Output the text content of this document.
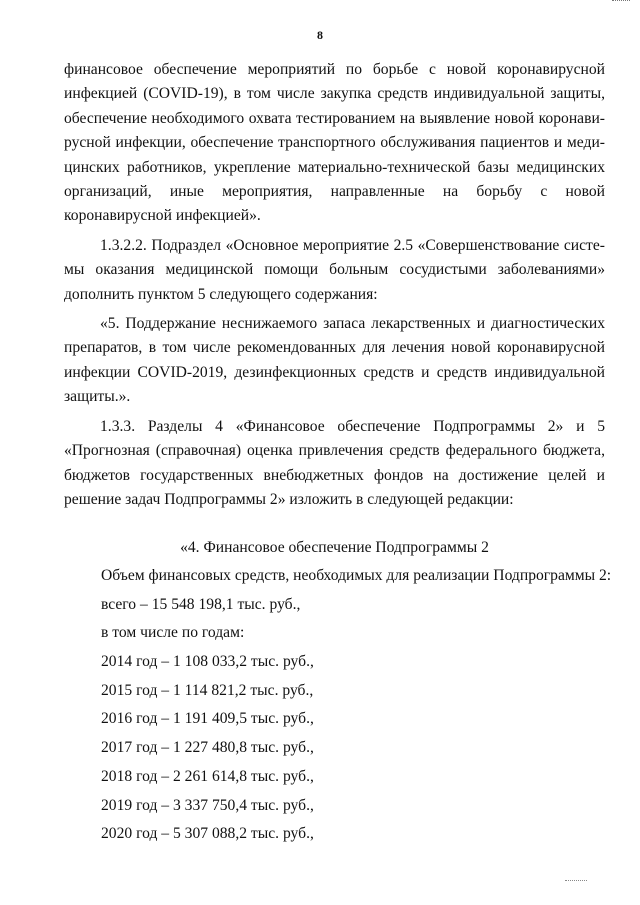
8

финансовое обеспечение мероприятий по борьбе с новой коронавирусной инфекцией (COVID-19), в том числе закупка средств индивидуальной защиты, обеспечение необходимого охвата тестированием на выявление новой коронавирусной инфекции, обеспечение транспортного обслуживания пациентов и медицинских работников, укрепление материально-технической базы медицинских организаций, иные мероприятия, направленные на борьбу с новой коронавирусной инфекцией».

1.3.2.2. Подраздел «Основное мероприятие 2.5 «Совершенствование системы оказания медицинской помощи больным сосудистыми заболеваниями» дополнить пунктом 5 следующего содержания:

«5. Поддержание неснижаемого запаса лекарственных и диагностических препаратов, в том числе рекомендованных для лечения новой коронавирусной инфекции COVID-2019, дезинфекционных средств и средств индивидуальной защиты.».

1.3.3. Разделы 4 «Финансовое обеспечение Подпрограммы 2» и 5 «Прогнозная (справочная) оценка привлечения средств федерального бюджета, бюджетов государственных внебюджетных фондов на достижение целей и решение задач Подпрограммы 2» изложить в следующей редакции:

«4. Финансовое обеспечение Подпрограммы 2

Объем финансовых средств, необходимых для реализации Подпрограммы 2:
всего – 15 548 198,1 тыс. руб.,
в том числе по годам:
2014 год – 1 108 033,2 тыс. руб.,
2015 год – 1 114 821,2 тыс. руб.,
2016 год – 1 191 409,5 тыс. руб.,
2017 год – 1 227 480,8 тыс. руб.,
2018 год – 2 261 614,8 тыс. руб.,
2019 год – 3 337 750,4 тыс. руб.,
2020 год – 5 307 088,2 тыс. руб.,
